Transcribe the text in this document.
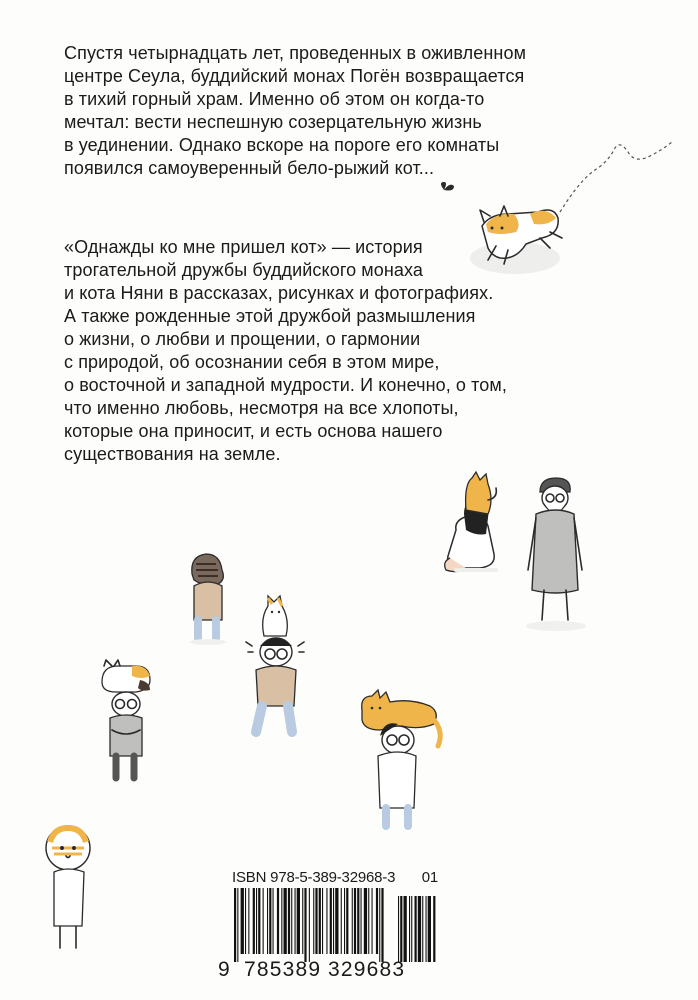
Спустя четырнадцать лет, проведенных в оживленном
центре Сеула, буддийский монах Погён возвращается
в тихий горный храм. Именно об этом он когда-то
мечтал: вести неспешную созерцательную жизнь
в уединении. Однако вскоре на пороге его комнаты
появился самоуверенный бело-рыжий кот...
«Однажды ко мне пришел кот» — история
трогательной дружбы буддийского монаха
и кота Няни в рассказах, рисунках и фотографиях.
А также рожденные этой дружбой размышления
о жизни, о любви и прощении, о гармонии
с природой, об осознании себя в этом мире,
о восточной и западной мудрости. И конечно, о том,
что именно любовь, несмотря на все хлопоты,
которые она приносит, и есть основа нашего
существования на земле.
ISBN 978-5-389-32968-3 01
9 785389 329683
